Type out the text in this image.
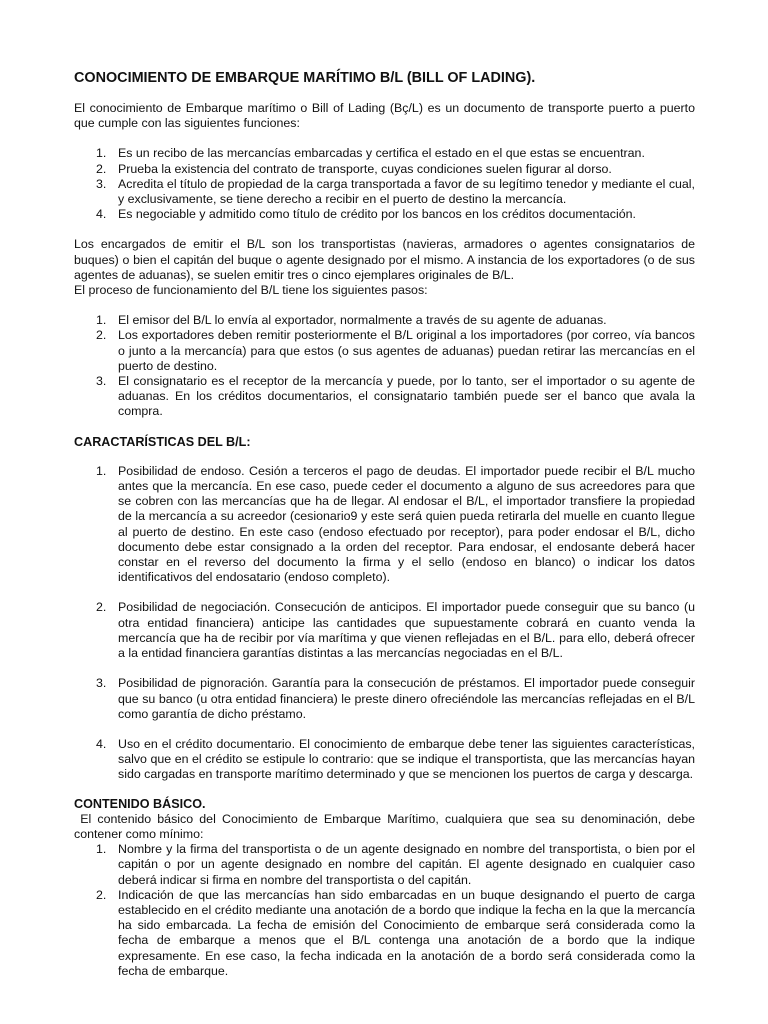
CONOCIMIENTO DE EMBARQUE MARÍTIMO B/L (BILL OF LADING).

El conocimiento de Embarque marítimo o Bill of Lading (Bç/L) es un documento de transporte puerto a puerto que cumple con las siguientes funciones:

1. Es un recibo de las mercancías embarcadas y certifica el estado en el que estas se encuentran.
2. Prueba la existencia del contrato de transporte, cuyas condiciones suelen figurar al dorso.
3. Acredita el título de propiedad de la carga transportada a favor de su legítimo tenedor y mediante el cual, y exclusivamente, se tiene derecho a recibir en el puerto de destino la mercancía.
4. Es negociable y admitido como título de crédito por los bancos en los créditos documentación.

Los encargados de emitir el B/L son los transportistas (navieras, armadores o agentes consignatarios de buques) o bien el capitán del buque o agente designado por el mismo. A instancia de los exportadores (o de sus agentes de aduanas), se suelen emitir tres o cinco ejemplares originales de B/L.

El proceso de funcionamiento del B/L tiene los siguientes pasos:

1. El emisor del B/L lo envía al exportador, normalmente a través de su agente de aduanas.
2. Los exportadores deben remitir posteriormente el B/L original a los importadores (por correo, vía bancos o junto a la mercancía) para que estos (o sus agentes de aduanas) puedan retirar las mercancías en el puerto de destino.
3. El consignatario es el receptor de la mercancía y puede, por lo tanto, ser el importador o su agente de aduanas. En los créditos documentarios, el consignatario también puede ser el banco que avala la compra.
CARACTARÍSTICAS DEL B/L:
1. Posibilidad de endoso. Cesión a terceros el pago de deudas. El importador puede recibir el B/L mucho antes que la mercancía. En ese caso, puede ceder el documento a alguno de sus acreedores para que se cobren con las mercancías que ha de llegar. Al endosar el B/L, el importador transfiere la propiedad de la mercancía a su acreedor (cesionario9 y este será quien pueda retirarla del muelle en cuanto llegue al puerto de destino. En este caso (endoso efectuado por receptor), para poder endosar el B/L, dicho documento debe estar consignado a la orden del receptor. Para endosar, el endosante deberá hacer constar en el reverso del documento la firma y el sello (endoso en blanco) o indicar los datos identificativos del endosatario (endoso completo).
2. Posibilidad de negociación. Consecución de anticipos. El importador puede conseguir que su banco (u otra entidad financiera) anticipe las cantidades que supuestamente cobrará en cuanto venda la mercancía que ha de recibir por vía marítima y que vienen reflejadas en el B/L. para ello, deberá ofrecer a la entidad financiera garantías distintas a las mercancías negociadas en el B/L.
3. Posibilidad de pignoración. Garantía para la consecución de préstamos. El importador puede conseguir que su banco (u otra entidad financiera) le preste dinero ofreciéndole las mercancías reflejadas en el B/L como garantía de dicho préstamo.
4. Uso en el crédito documentario. El conocimiento de embarque debe tener las siguientes características, salvo que en el crédito se estipule lo contrario: que se indique el transportista, que las mercancías hayan sido cargadas en transporte marítimo determinado y que se mencionen los puertos de carga y descarga.
CONTENIDO BÁSICO.

El contenido básico del Conocimiento de Embarque Marítimo, cualquiera que sea su denominación, debe contener como mínimo:

1. Nombre y la firma del transportista o de un agente designado en nombre del transportista, o bien por el capitán o por un agente designado en nombre del capitán. El agente designado en cualquier caso deberá indicar si firma en nombre del transportista o del capitán.
2. Indicación de que las mercancías han sido embarcadas en un buque designando el puerto de carga establecido en el crédito mediante una anotación de a bordo que indique la fecha en la que la mercancía ha sido embarcada. La fecha de emisión del Conocimiento de embarque será considerada como la fecha de embarque a menos que el B/L contenga una anotación de a bordo que la indique expresamente. En ese caso, la fecha indicada en la anotación de a bordo será considerada como la fecha de embarque.
